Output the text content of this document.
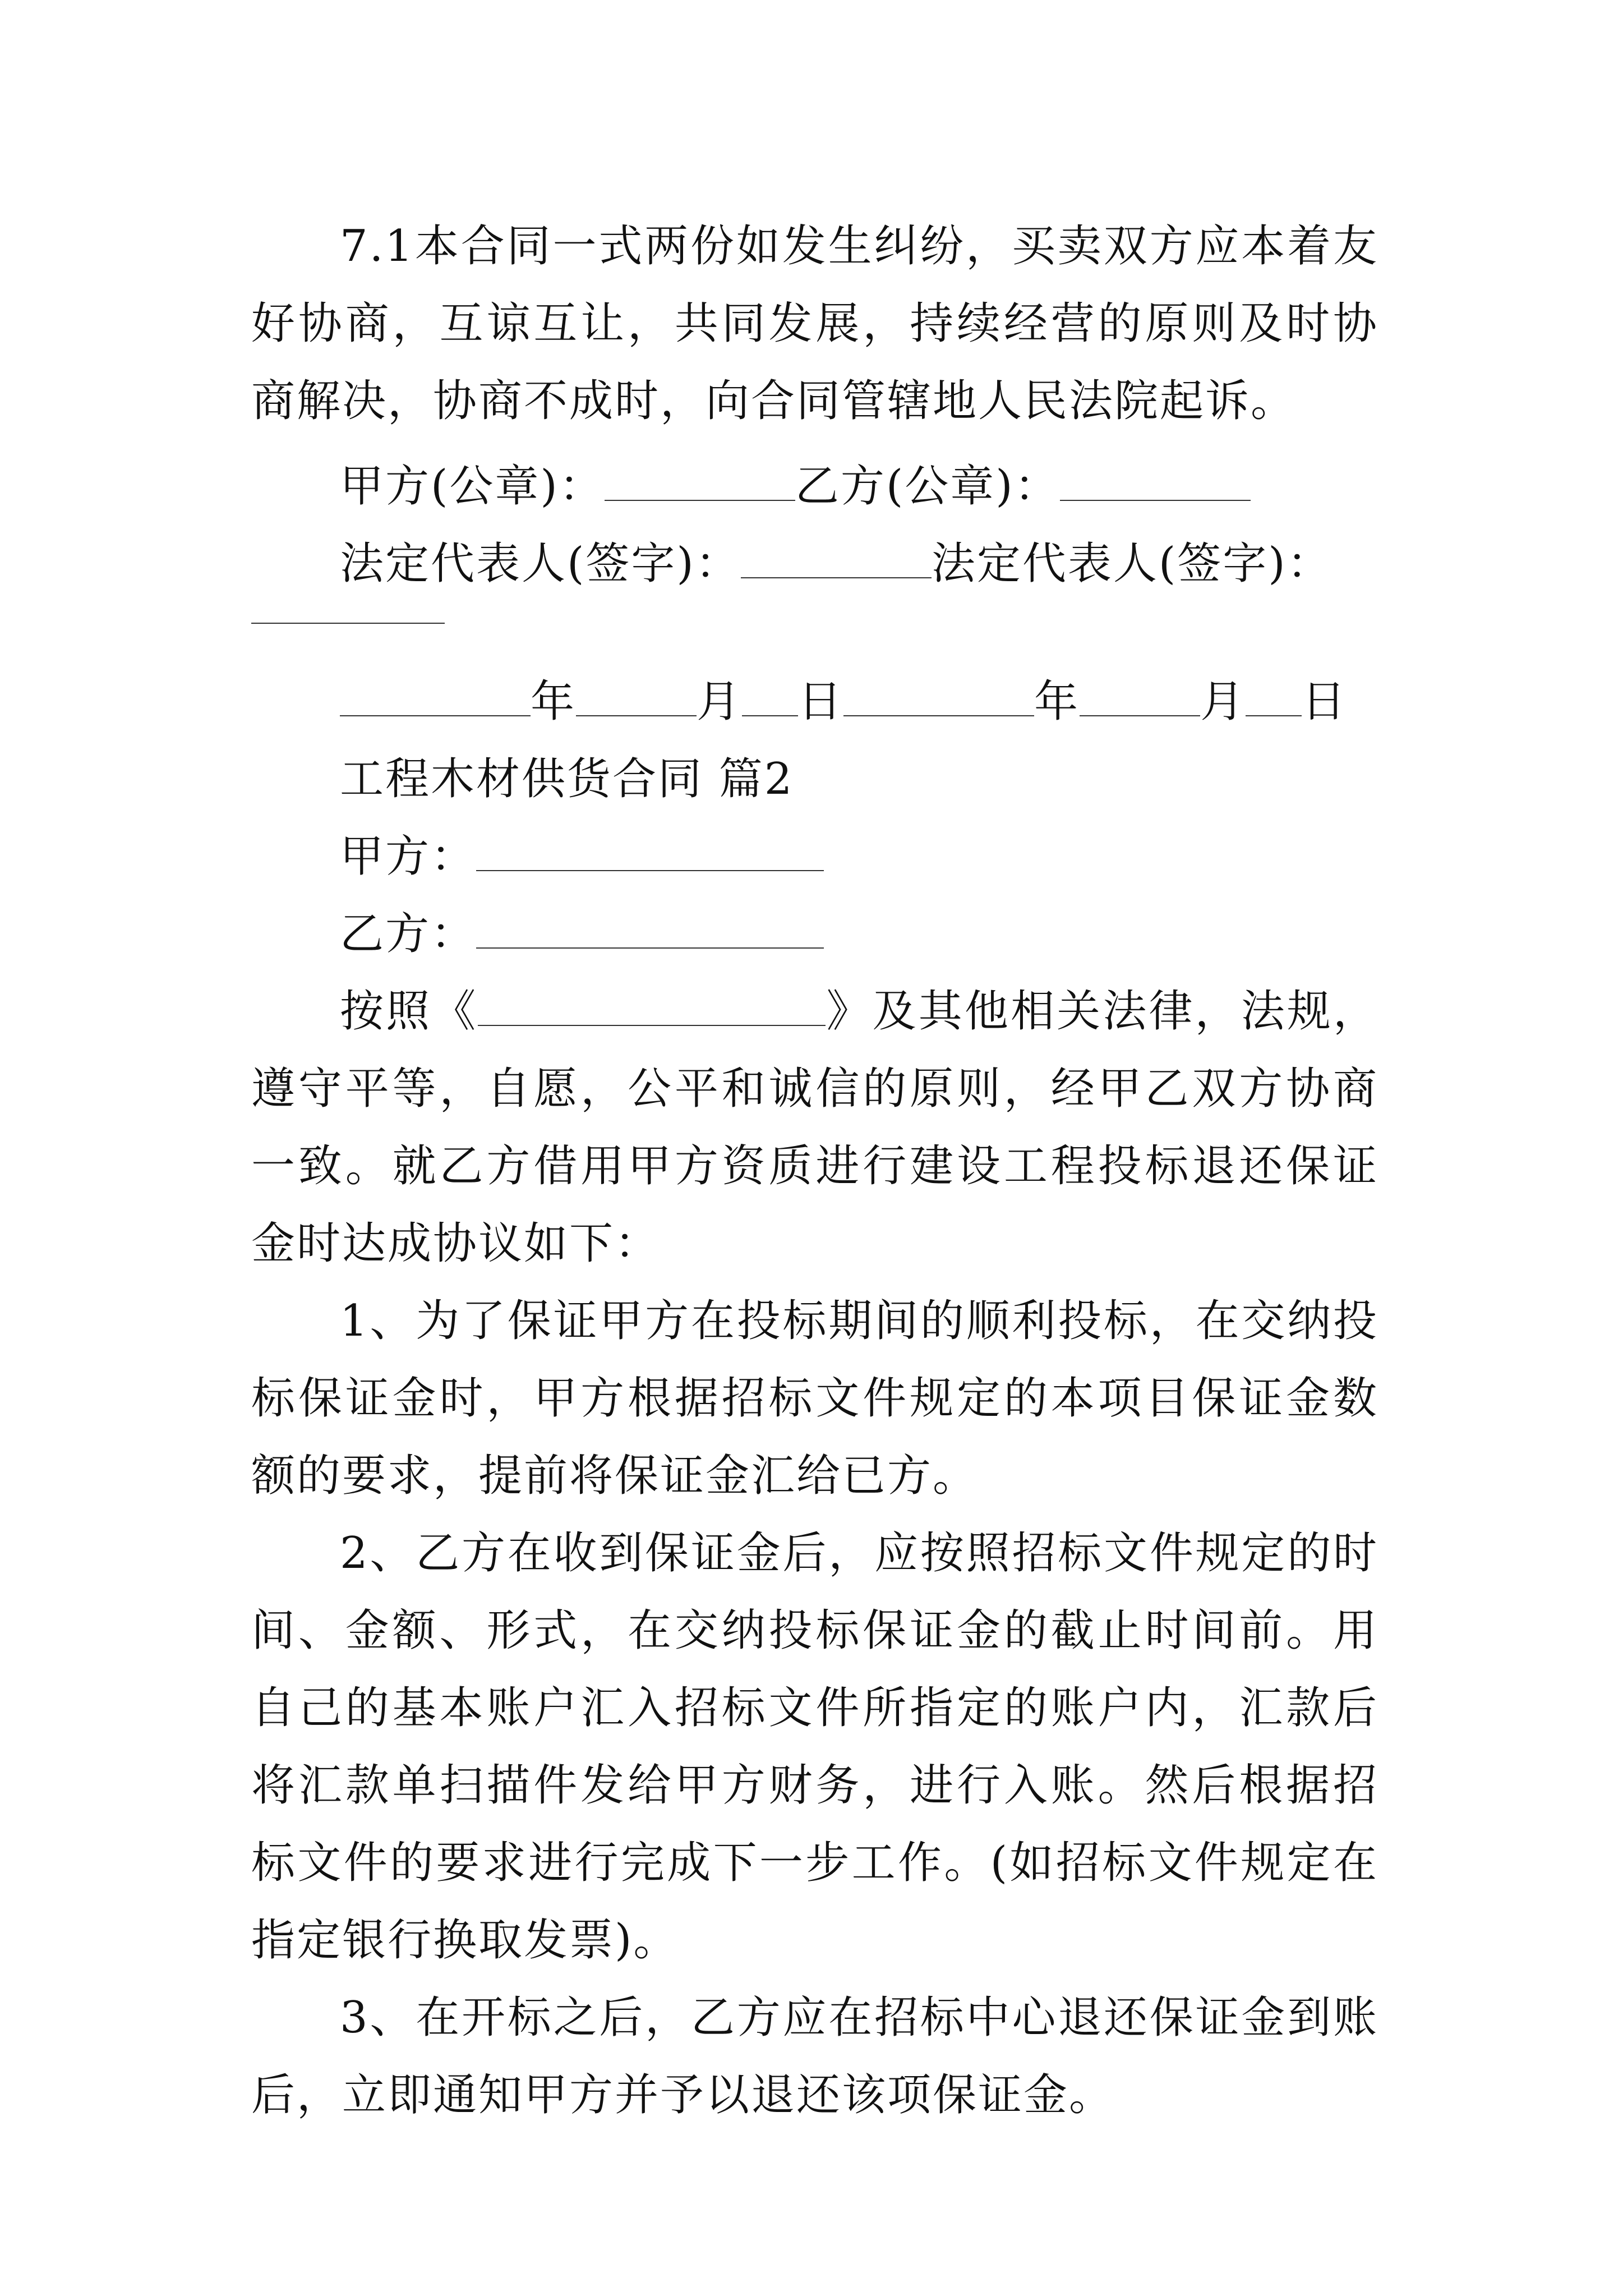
7.1本合同一式两份如发生纠纷，买卖双方应本着友好协商，互谅互让，共同发展，持续经营的原则及时协商解决，协商不成时，向合同管辖地人民法院起诉。

甲方(公章)：	乙方(公章)：

法定代表人(签字)：	法定代表人(签字)：

年	月 日	年	月 日

工程木材供货合同 篇2

甲方：

乙方：

按照《	》及其他相关法律，法规，遵守平等，自愿，公平和诚信的原则，经甲乙双方协商一致。就乙方借用甲方资质进行建设工程投标退还保证金时达成协议如下：

1、为了保证甲方在投标期间的顺利投标，在交纳投标保证金时，甲方根据招标文件规定的本项目保证金数额的要求，提前将保证金汇给已方。

2、乙方在收到保证金后，应按照招标文件规定的时间、金额、形式，在交纳投标保证金的截止时间前。用自己的基本账户汇入招标文件所指定的账户内，汇款后将汇款单扫描件发给甲方财务，进行入账。然后根据招标文件的要求进行完成下一步工作。(如招标文件规定在指定银行换取发票)。

3、在开标之后，乙方应在招标中心退还保证金到账后，立即通知甲方并予以退还该项保证金。
